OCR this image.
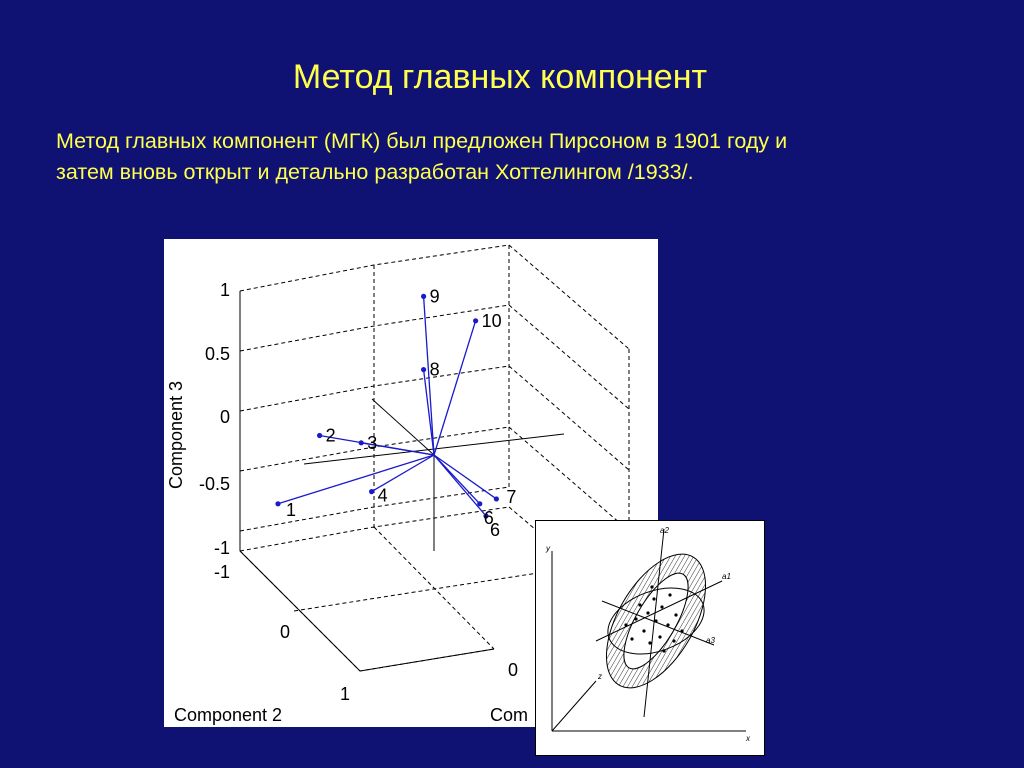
Метод главных компонент
Метод главных компонент (МГК) был предложен Пирсоном в 1901 году и
затем вновь открыт и детально разработан Хоттелингом /1933/.
1
2 3
4
6
6
7
8
9
10
1
0.5
0
-0.5
-1
-1
0
1
0
Component 3
Component 2	Com
y
x
z
a2
a1
a3
